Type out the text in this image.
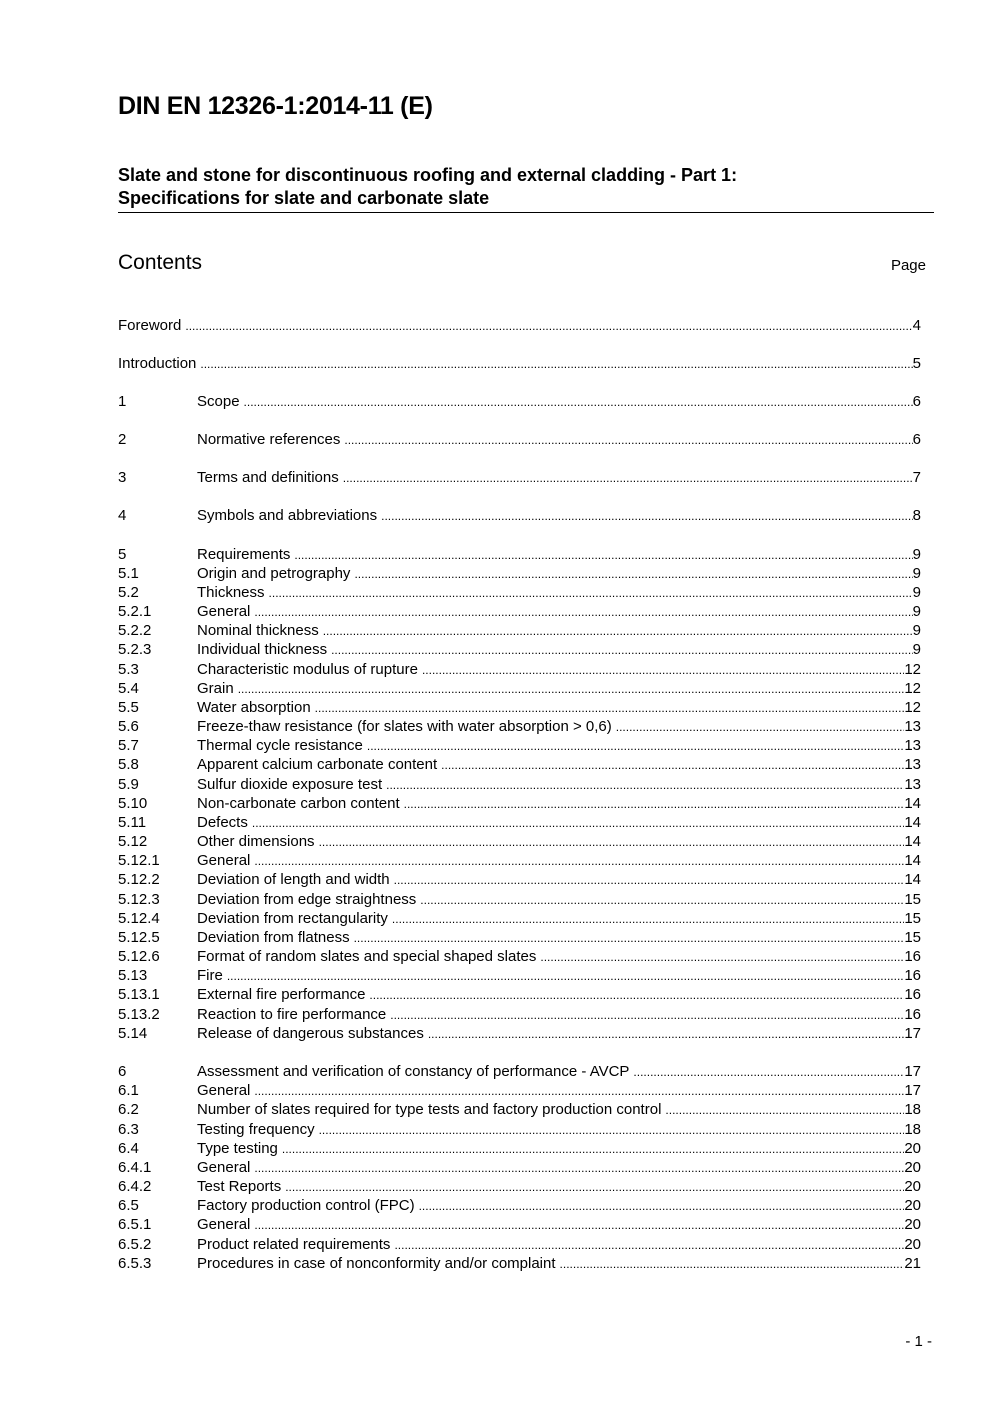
DIN EN 12326-1:2014-11 (E)
Slate and stone for discontinuous roofing and external cladding - Part 1:
Specifications for slate and carbonate slate
Contents	Page
Foreword .....	4
Introduction .....	5
1	Scope .....	6
2	Normative references .....	6
3	Terms and definitions .....	7
4	Symbols and abbreviations .....	8
5	Requirements .....	9
5.1	Origin and petrography .....	9
5.2	Thickness .....	9
5.2.1	General .....	9
5.2.2	Nominal thickness .....	9
5.2.3	Individual thickness .....	9
5.3	Characteristic modulus of rupture .....	12
5.4	Grain .....	12
5.5	Water absorption .....	12
5.6	Freeze-thaw resistance (for slates with water absorption > 0,6) .....	13
5.7	Thermal cycle resistance .....	13
5.8	Apparent calcium carbonate content .....	13
5.9	Sulfur dioxide exposure test .....	13
5.10	Non-carbonate carbon content .....	14
5.11	Defects .....	14
5.12	Other dimensions .....	14
5.12.1	General .....	14
5.12.2	Deviation of length and width .....	14
5.12.3	Deviation from edge straightness .....	15
5.12.4	Deviation from rectangularity .....	15
5.12.5	Deviation from flatness .....	15
5.12.6	Format of random slates and special shaped slates .....	16
5.13	Fire .....	16
5.13.1	External fire performance .....	16
5.13.2	Reaction to fire performance .....	16
5.14	Release of dangerous substances .....	17
6	Assessment and verification of constancy of performance - AVCP .....	17
6.1	General .....	17
6.2	Number of slates required for type tests and factory production control .....	18
6.3	Testing frequency .....	18
6.4	Type testing .....	20
6.4.1	General .....	20
6.4.2	Test Reports .....	20
6.5	Factory production control (FPC) .....	20
6.5.1	General .....	20
6.5.2	Product related requirements .....	20
6.5.3	Procedures in case of nonconformity and/or complaint .....	21
- 1 -
